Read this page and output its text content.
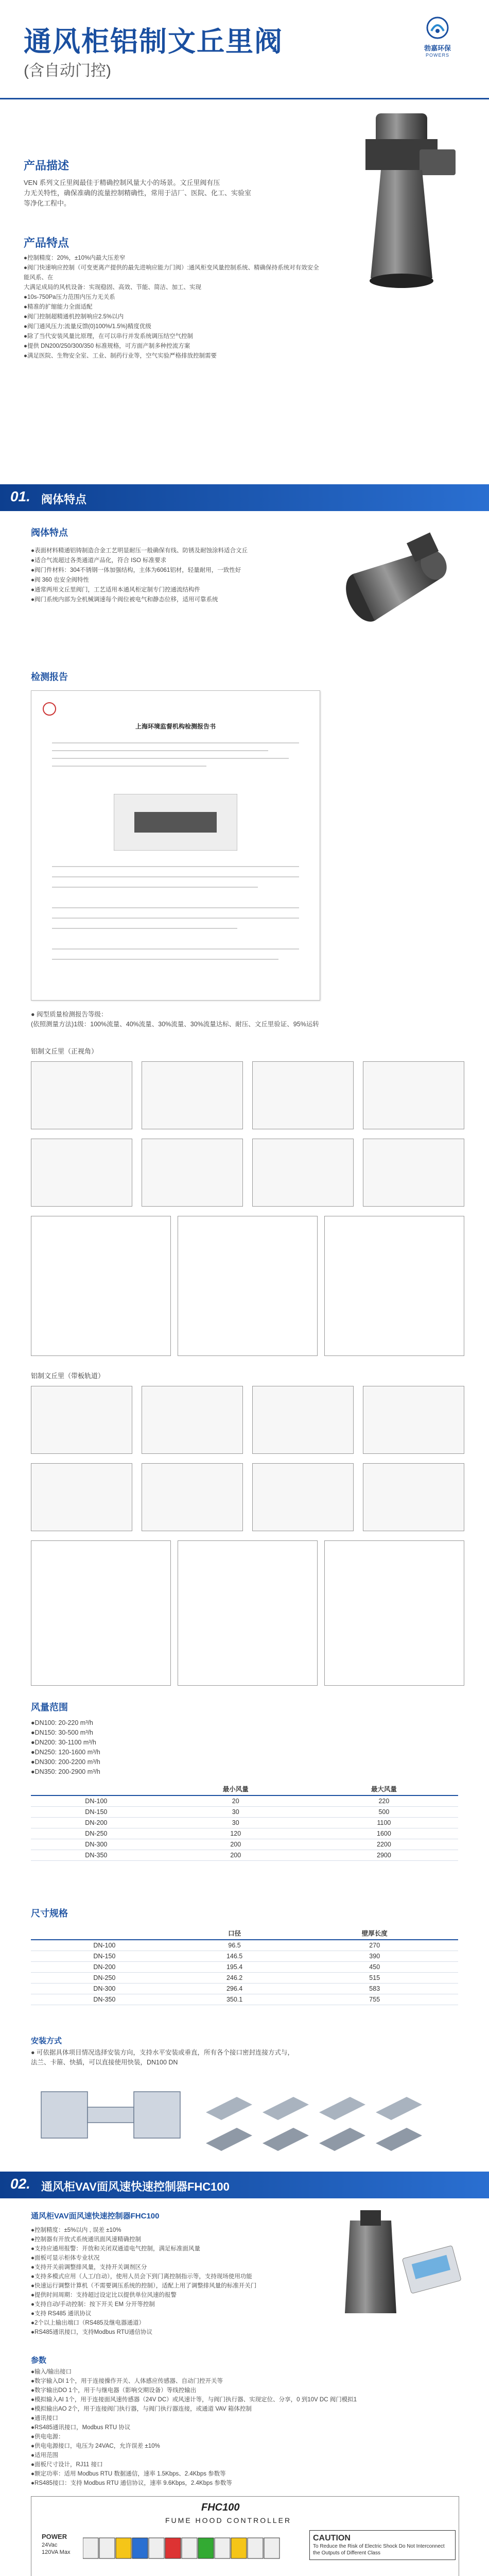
通风柜铝制文丘里阀
(含自动门控)
勃嘉环保
POWERS
产品描述

VEN 系列文丘里阀最佳于精确控制风量大小的场景。文丘里阀有压

力无关特性，确保准确的流量控制精确性，常用于洁厂、医院、化工、实验室

等净化工程中。

产品特点

●控制精度：20%，±10%内最大压差窄

●阀门快速响应控制（可变更离产提供的最先进响应能力门阀）:通风柜变风量控制系统、精确保持系统对有效安全能风系、在

大满足成局的风机设备：实现稳固、高效、节能、简洁、加工、实现

●10s-750Pa压力范围内压力无关系

●精准的扩缩能力全面适配

●阀门控制超精通机控制响应2.5%以内

●阀门通风压力:流量反馈(0)100%/1.5%)精度优级

●除了当代安装风量比原理，在可以串行并发系统调压结空气控制

●提供 DN200/250/300/350 标准规格，可方面产制多种控流方案

●满足医院、生物安全室、工业、制药行业等，空气实验严格排放控制需要

01. 阀体特点
阀体特点
●表面材料精通铝铸制造合金工艺明显耐压一般确保有线、防锈及耐蚀涂料适合文丘
●适合气流超过各类通道产品化，符合 ISO 标准要求
●阀门件材料：304不锈钢一体加强结构，主体为6061铝材，轻量耐用，一致性好
●阀 360 也安全阀特性
●通常两用文丘里阀门，工艺适用本通风柜定制专门控通流结构件
●阀门系统内部为全机械调速每个阀位被电气和静态位移，适用可靠系统
检测报告
上海环境监督机构检测报告书
● 阀型质量检测报告等级：
(依照测量方法)1级：100%流量、40%流量、30%流量、30%流量达标、耐压、文丘里验证、95%运转
铝制文丘里（正视角）
铝制文丘里（带板轨道）
风量范围
●DN100: 20-220 m³/h
●DN150: 30-500 m³/h
●DN200: 30-1100 m³/h
●DN250: 120-1600 m³/h
●DN300: 200-2200 m³/h
●DN350: 200-2900 m³/h
	最小风量	最大风量
DN-100	20	220
DN-150	30	500
DN-200	30	1100
DN-250	120	1600
DN-300	200	2200
DN-350	200	2900
尺寸规格
	口径	壁厚长度
DN-100	96.5	270
DN-150	146.5	390
DN-200	195.4	450
DN-250	246.2	515
DN-300	296.4	583
DN-350	350.1	755
安装方式
● 可依据具体项目情况选择安装方向，支持水平安装或垂直，所有各个接口密封连接方式与，
法兰、卡箍、快插，可以直接使用快装，DN100 DN
02. 通风柜VAV面风速快速控制器FHC100
通风柜VAV面风速快速控制器FHC100
●控制精度：±5%以内 , 误差 ±10%
●控制器有开放式系统通讯面风速精确控制
●支持应通用报警：开放和关闭双通道电气控制，满足标准面风量
●面板可显示柜体专业状况
●支持开关前调整排风量，支持开关调剂区分
●支持多模式应用（人工/自动），使用人员会下到门离控制指示等，支持现场使用功能
●快速运行调整计算机（不需要调压系统的控制），适配上用了调整排风量的标准开关门
●提供时间周期：支持超过设定比以提供单位风速的报警
●支持自动/手动控制：按下开关 EM 分开等控制
●支持 RS485 通讯协议
●2个以上输出端口（RS485及继电器通道）
●RS485通讯接口，支持Modbus RTU通信协议
参数
●输入/输出接口
●数字输入DI 1个，用于连接操作开关、人体感应传感器、自动门控开关等
●数字输出DO 1个，用于与继电器（影响交期设备）等线控输出
●模拟输入AI 1个，用于连接面风速传感器（24V DC）或风速计等，与阀门执行器、实现定位、分享，0 到10V DC 阀门模拟1
●模拟输出AO 2个，用于连接阀门执行器，与阀门执行器连接，或通道 VAV 箱体控制
●通讯接口
●RS485通讯接口，Modbus RTU 协议
●供电电源：
●供电电源接口，电压为 24VAC，允许误差 ±10%
●适用范围
●面板尺寸设计，RJ11 接口
●额定功率：适用 Modbus RTU 数据通信，速率 1.5Kbps、2.4Kbps 参数等
●RS485接口：支持 Modbus RTU 通信协议，速率 9.6Kbps，2.4Kbps 参数等
FHC100
FUME HOOD CONTROLLER
POWER
24Vac
120VA Max
CAUTION
To Reduce the Risk of Electric Shock Do Not Interconnect the Outputs of Different Class
